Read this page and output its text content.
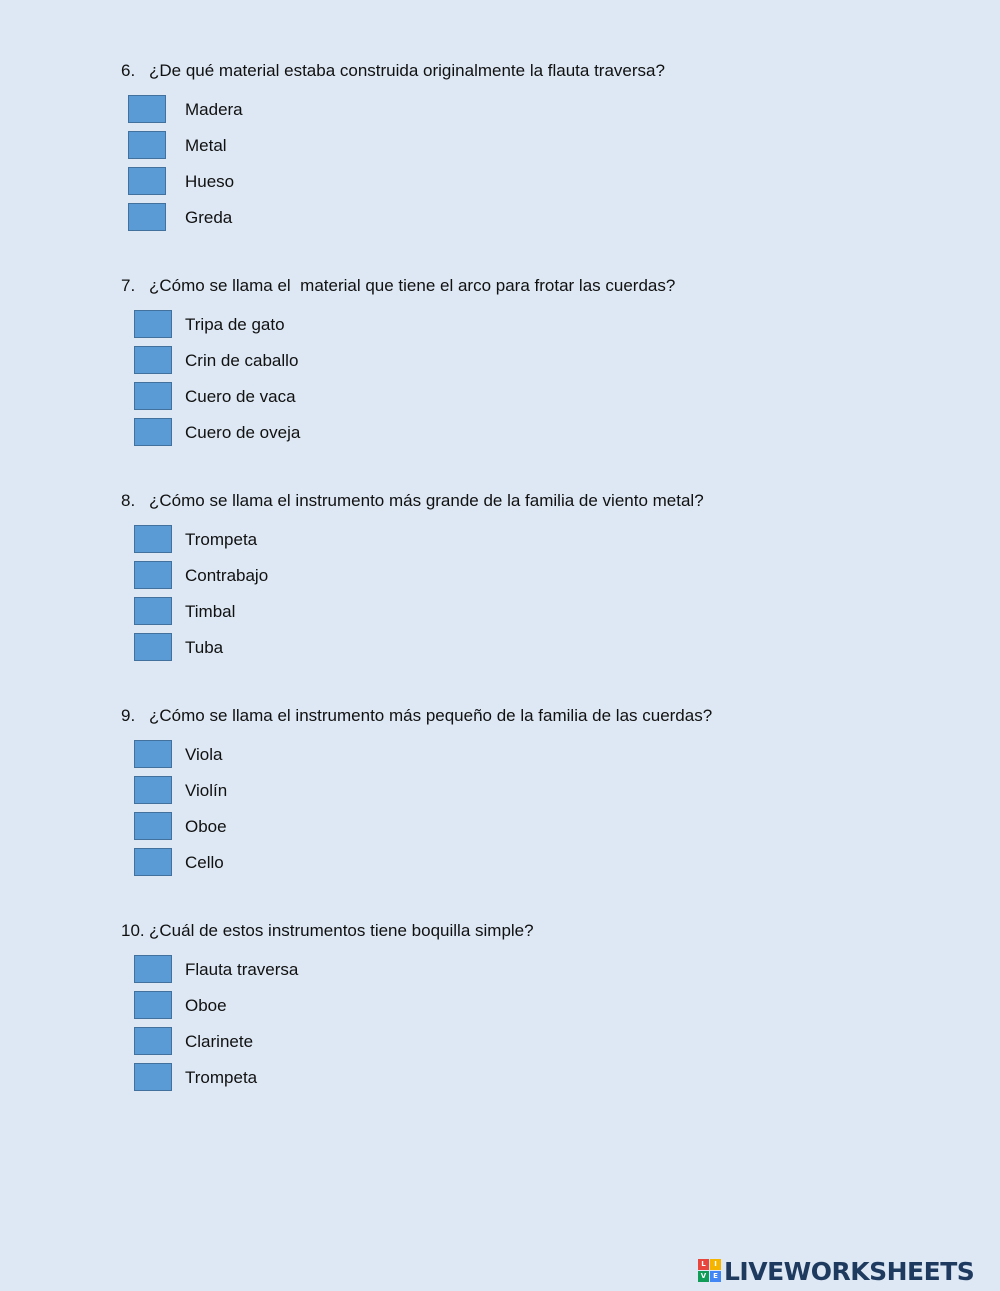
6. ¿De qué material estaba construida originalmente la flauta traversa?
Madera
Metal
Hueso
Greda
7. ¿Cómo se llama el  material que tiene el arco para frotar las cuerdas?
Tripa de gato
Crin de caballo
Cuero de vaca
Cuero de oveja
8. ¿Cómo se llama el instrumento más grande de la familia de viento metal?
Trompeta
Contrabajo
Timbal
Tuba
9. ¿Cómo se llama el instrumento más pequeño de la familia de las cuerdas?
Viola
Violín
Oboe
Cello
10. ¿Cuál de estos instrumentos tiene boquilla simple?
Flauta traversa
Oboe
Clarinete
Trompeta
L	I
V E LIVEWORKSHEETS
